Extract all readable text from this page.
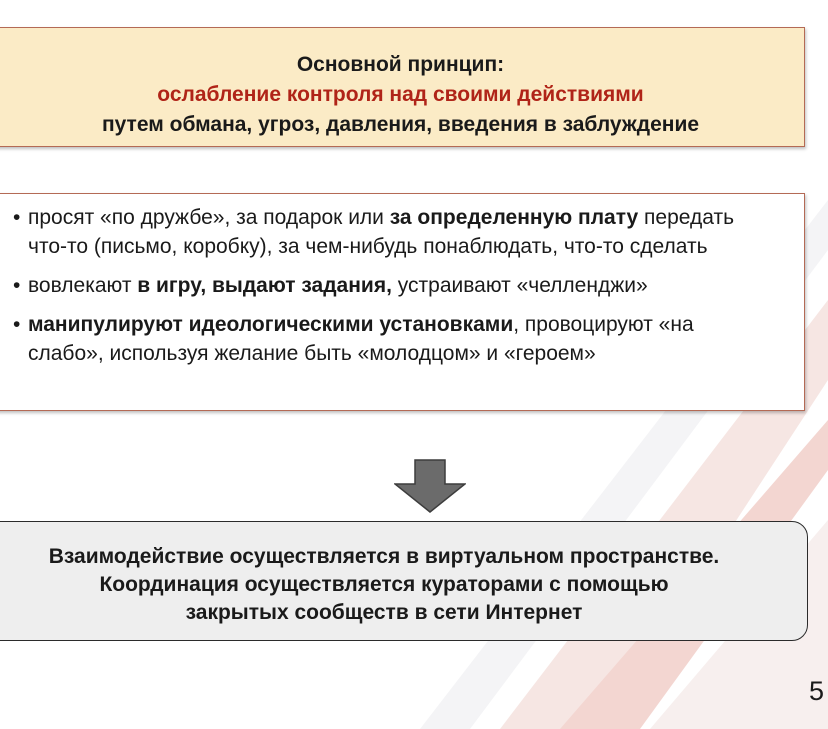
Основной принцип:
ослабление контроля над своими действиями
путем обмана, угроз, давления, введения в заблуждение
• просят «по дружбе», за подарок или за определенную плату передать что-то (письмо, коробку), за чем-нибудь понаблюдать, что-то сделать
• вовлекают в игру, выдают задания, устраивают «челленджи»
• манипулируют идеологическими установками, провоцируют «на слабо», используя желание быть «молодцом» и «героем»
Взаимодействие осуществляется в виртуальном пространстве.
Координация осуществляется кураторами с помощью
закрытых сообществ в сети Интернет
5
